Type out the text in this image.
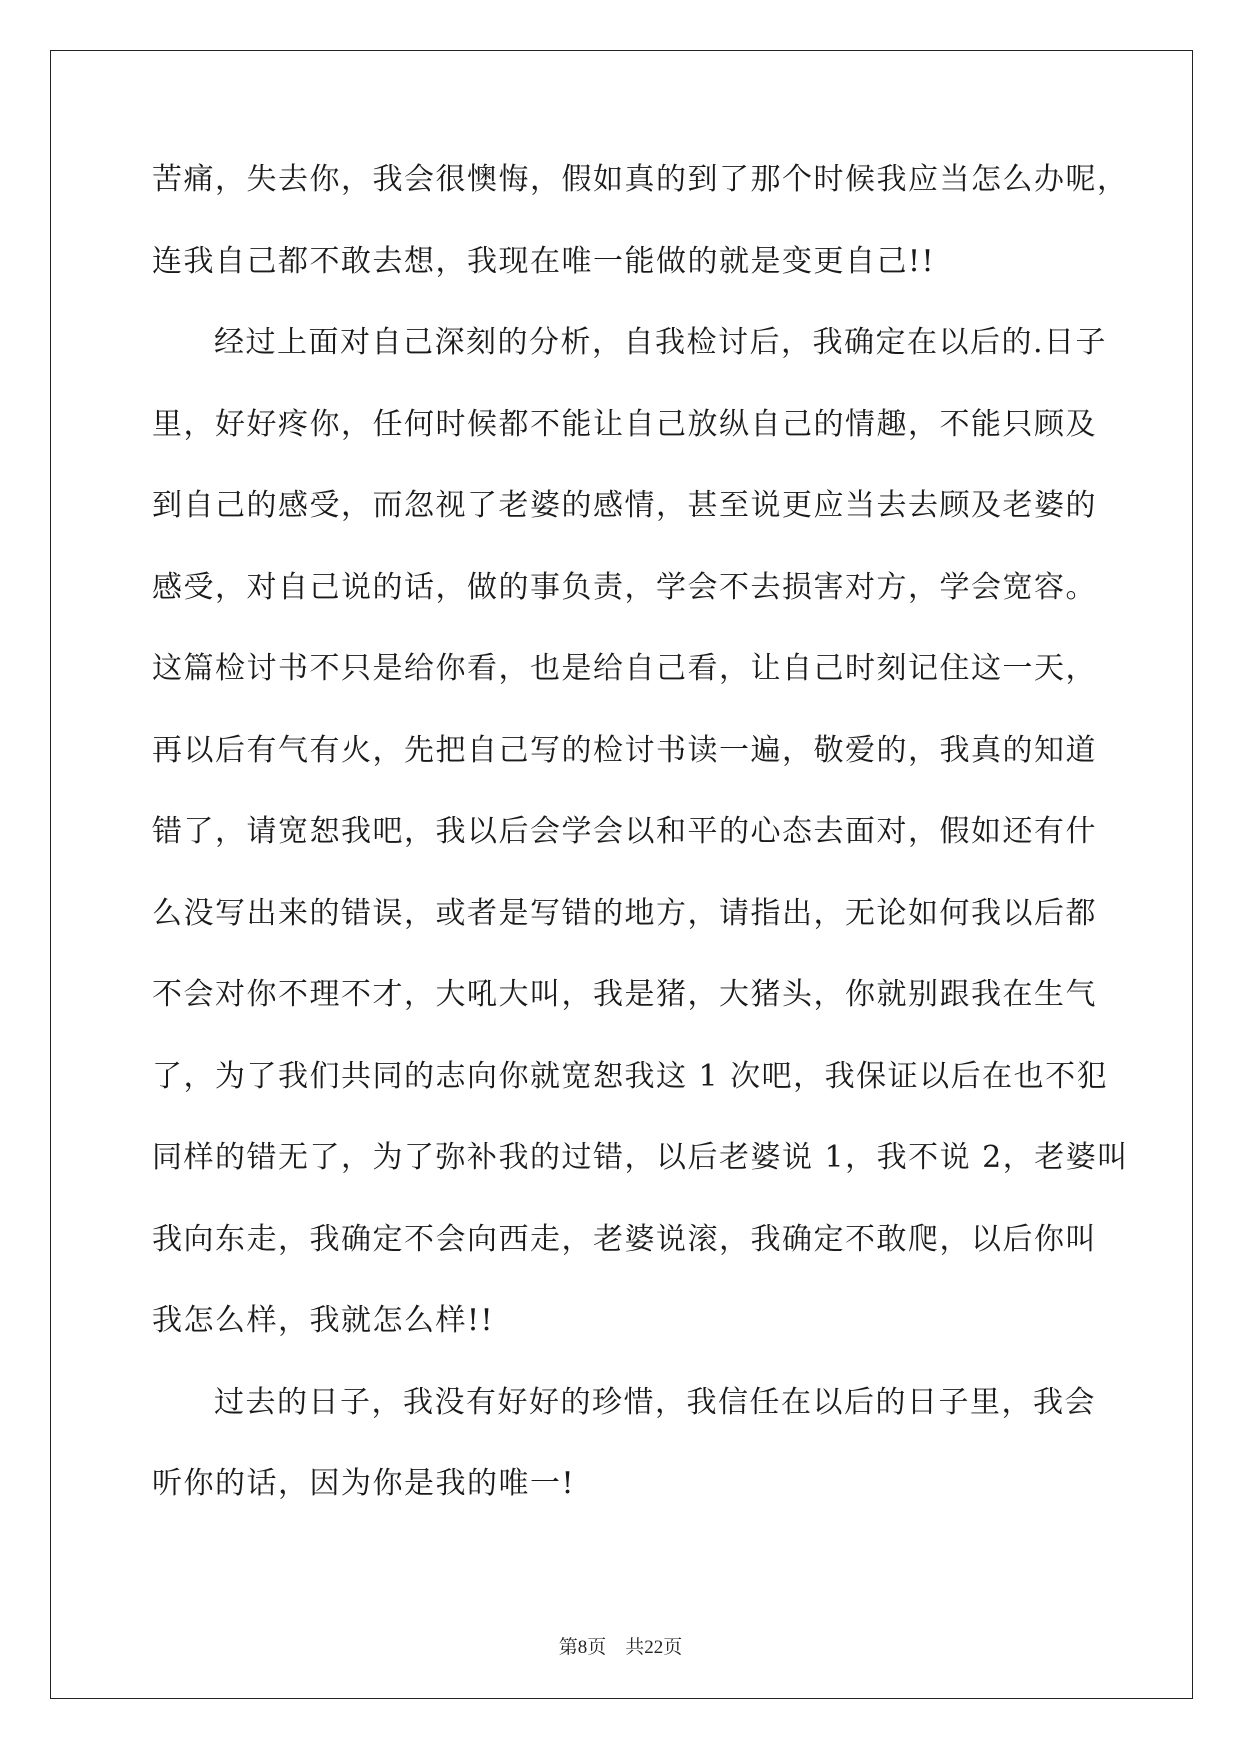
苦痛，失去你，我会很懊悔，假如真的到了那个时候我应当怎么办呢，
连我自己都不敢去想，我现在唯一能做的就是变更自己!!
经过上面对自己深刻的分析，自我检讨后，我确定在以后的.日子
里，好好疼你，任何时候都不能让自己放纵自己的情趣，不能只顾及
到自己的感受，而忽视了老婆的感情，甚至说更应当去去顾及老婆的
感受，对自己说的话，做的事负责，学会不去损害对方，学会宽容。
这篇检讨书不只是给你看，也是给自己看，让自己时刻记住这一天，
再以后有气有火，先把自己写的检讨书读一遍，敬爱的，我真的知道
错了，请宽恕我吧，我以后会学会以和平的心态去面对，假如还有什
么没写出来的错误，或者是写错的地方，请指出，无论如何我以后都
不会对你不理不才，大吼大叫，我是猪，大猪头，你就别跟我在生气
了，为了我们共同的志向你就宽恕我这 1 次吧，我保证以后在也不犯
同样的错无了，为了弥补我的过错，以后老婆说 1，我不说 2，老婆叫
我向东走，我确定不会向西走，老婆说滚，我确定不敢爬，以后你叫
我怎么样，我就怎么样!!
过去的日子，我没有好好的珍惜，我信任在以后的日子里，我会
听你的话，因为你是我的唯一!
第8页 共22页
